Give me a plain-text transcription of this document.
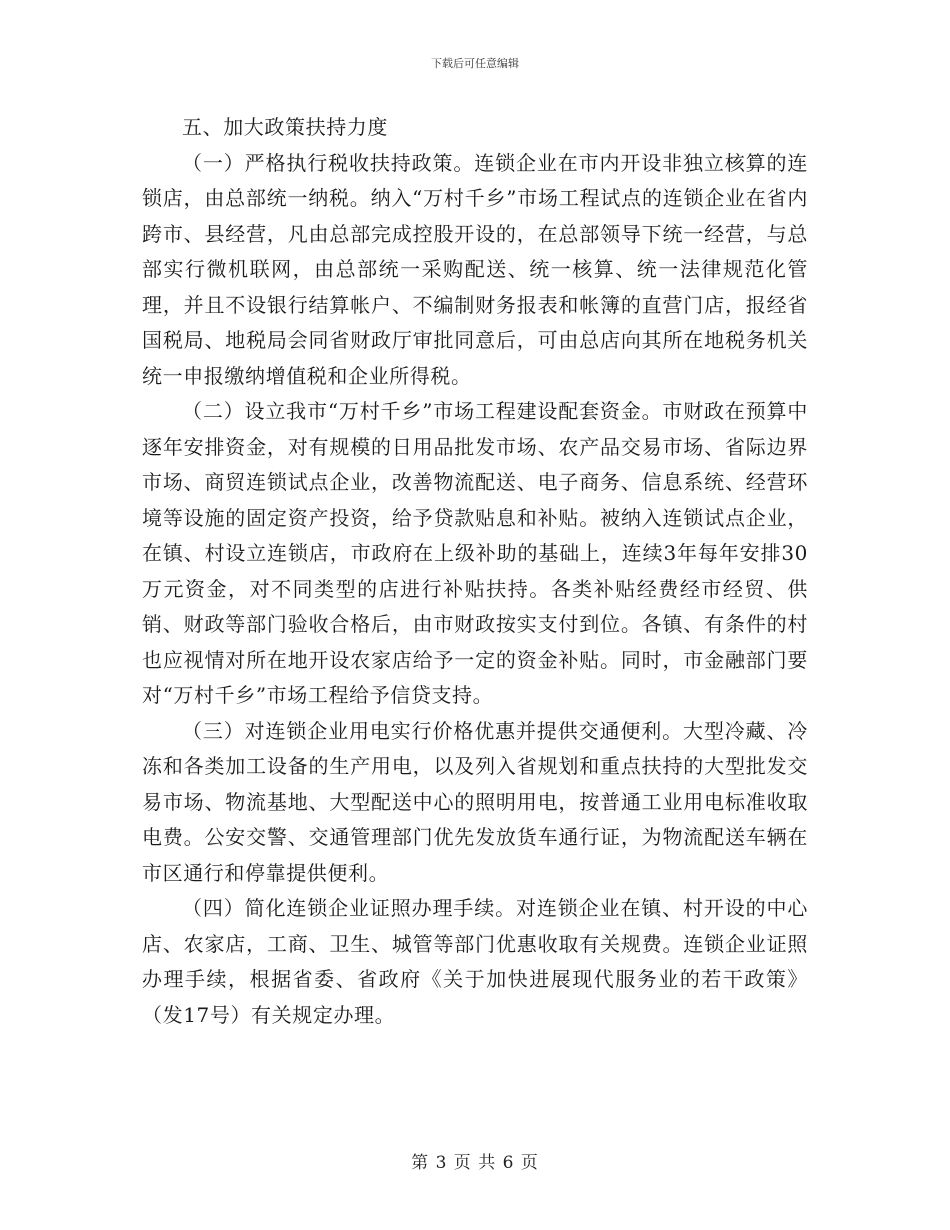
下载后可任意编辑

五、加大政策扶持力度

（一）严格执行税收扶持政策。连锁企业在市内开设非独立核算的连锁店，由总部统一纳税。纳入“万村千乡”市场工程试点的连锁企业在省内跨市、县经营，凡由总部完成控股开设的，在总部领导下统一经营，与总部实行微机联网，由总部统一采购配送、统一核算、统一法律规范化管理，并且不设银行结算帐户、不编制财务报表和帐簿的直营门店，报经省国税局、地税局会同省财政厅审批同意后，可由总店向其所在地税务机关统一申报缴纳增值税和企业所得税。

（二）设立我市“万村千乡”市场工程建设配套资金。市财政在预算中逐年安排资金，对有规模的日用品批发市场、农产品交易市场、省际边界市场、商贸连锁试点企业，改善物流配送、电子商务、信息系统、经营环境等设施的固定资产投资，给予贷款贴息和补贴。被纳入连锁试点企业，在镇、村设立连锁店，市政府在上级补助的基础上，连续3年每年安排30万元资金，对不同类型的店进行补贴扶持。各类补贴经费经市经贸、供销、财政等部门验收合格后，由市财政按实支付到位。各镇、有条件的村也应视情对所在地开设农家店给予一定的资金补贴。同时，市金融部门要对“万村千乡”市场工程给予信贷支持。

（三）对连锁企业用电实行价格优惠并提供交通便利。大型冷藏、冷冻和各类加工设备的生产用电，以及列入省规划和重点扶持的大型批发交易市场、物流基地、大型配送中心的照明用电，按普通工业用电标准收取电费。公安交警、交通管理部门优先发放货车通行证，为物流配送车辆在市区通行和停靠提供便利。

（四）简化连锁企业证照办理手续。对连锁企业在镇、村开设的中心店、农家店，工商、卫生、城管等部门优惠收取有关规费。连锁企业证照办理手续，根据省委、省政府《关于加快进展现代服务业的若干政策》（发17号）有关规定办理。

第 3 页 共 6 页
